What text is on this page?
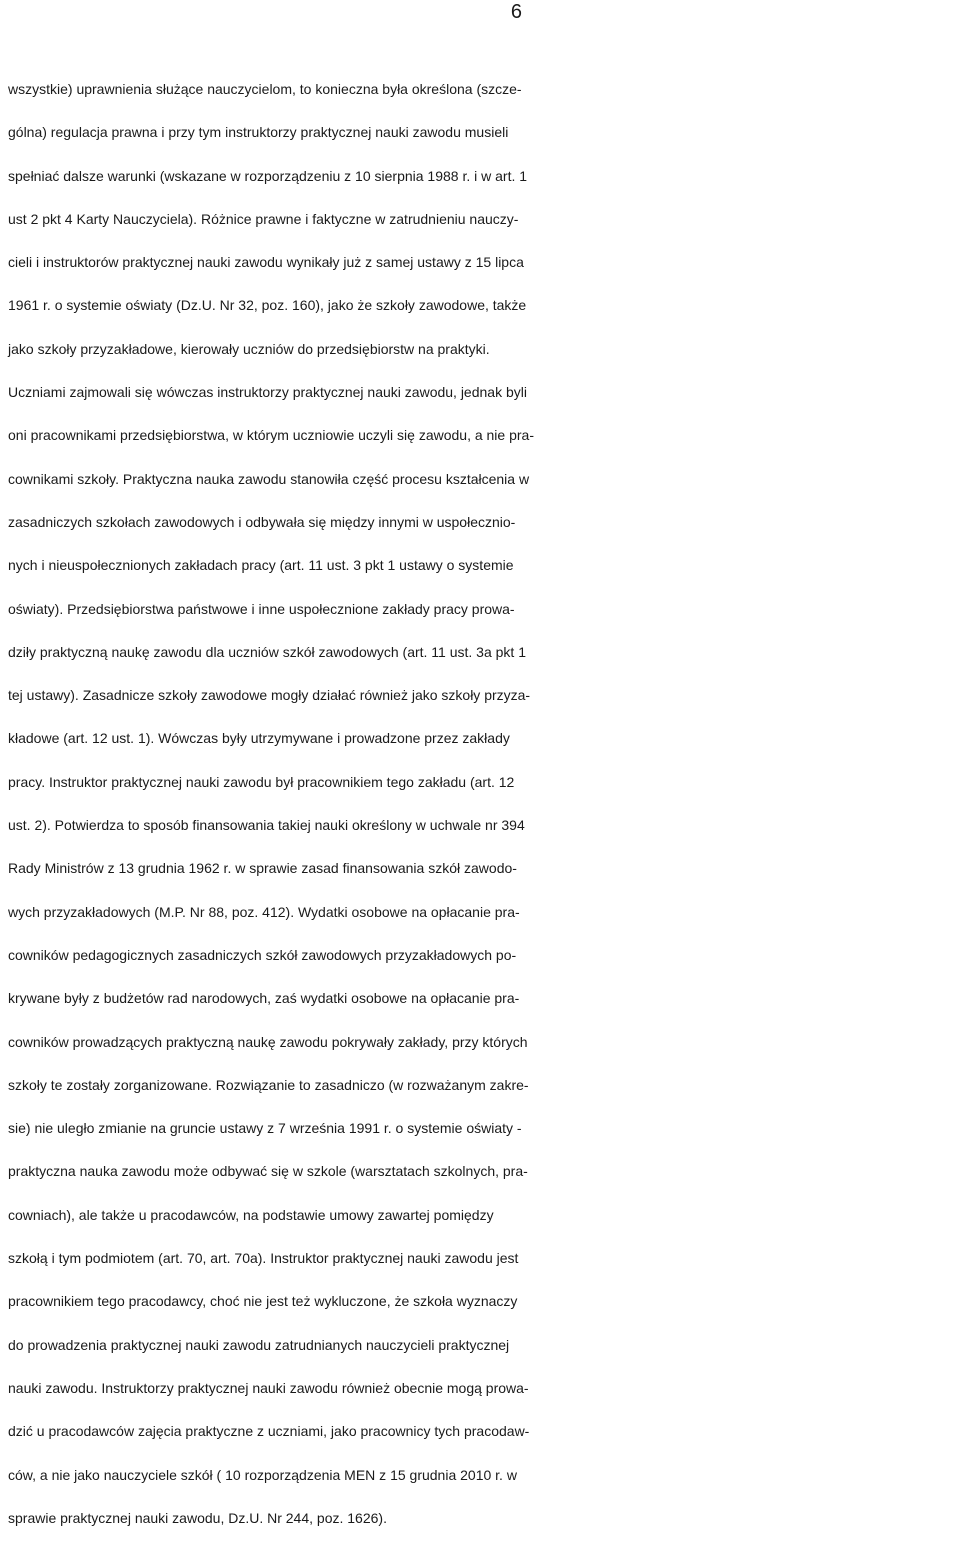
6

wszystkie) uprawnienia służące nauczycielom, to konieczna była określona (szcze-
gólna) regulacja prawna i przy tym instruktorzy praktycznej nauki zawodu musieli
spełniać dalsze warunki (wskazane w rozporządzeniu z 10 sierpnia 1988 r. i w art. 1
ust 2 pkt 4 Karty Nauczyciela). Różnice prawne i faktyczne w zatrudnieniu nauczy-
cieli i instruktorów praktycznej nauki zawodu wynikały już z samej ustawy z 15 lipca
1961 r. o systemie oświaty (Dz.U. Nr 32, poz. 160), jako że szkoły zawodowe, także
jako szkoły przyzakładowe, kierowały uczniów do przedsiębiorstw na praktyki.
Uczniami zajmowali się wówczas instruktorzy praktycznej nauki zawodu, jednak byli
oni pracownikami przedsiębiorstwa, w którym uczniowie uczyli się zawodu, a nie pra-
cownikami szkoły. Praktyczna nauka zawodu stanowiła część procesu kształcenia w
zasadniczych szkołach zawodowych i odbywała się między innymi w uspołecznio-
nych i nieuspołecznionych zakładach pracy (art. 11 ust. 3 pkt 1 ustawy o systemie
oświaty). Przedsiębiorstwa państwowe i inne uspołecznione zakłady pracy prowa-
dziły praktyczną naukę zawodu dla uczniów szkół zawodowych (art. 11 ust. 3a pkt 1
tej ustawy). Zasadnicze szkoły zawodowe mogły działać również jako szkoły przyza-
kładowe (art. 12 ust. 1). Wówczas były utrzymywane i prowadzone przez zakłady
pracy. Instruktor praktycznej nauki zawodu był pracownikiem tego zakładu (art. 12
ust. 2). Potwierdza to sposób finansowania takiej nauki określony w uchwale nr 394
Rady Ministrów z 13 grudnia 1962 r. w sprawie zasad finansowania szkół zawodo-
wych przyzakładowych (M.P. Nr 88, poz. 412). Wydatki osobowe na opłacanie pra-
cowników pedagogicznych zasadniczych szkół zawodowych przyzakładowych po-
krywane były z budżetów rad narodowych, zaś wydatki osobowe na opłacanie pra-
cowników prowadzących praktyczną naukę zawodu pokrywały zakłady, przy których
szkoły te zostały zorganizowane. Rozwiązanie to zasadniczo (w rozważanym zakre-
sie) nie uległo zmianie na gruncie ustawy z 7 września 1991 r. o systemie oświaty -
praktyczna nauka zawodu może odbywać się w szkole (warsztatach szkolnych, pra-
cowniach), ale także u pracodawców, na podstawie umowy zawartej pomiędzy
szkołą i tym podmiotem (art. 70, art. 70a). Instruktor praktycznej nauki zawodu jest
pracownikiem tego pracodawcy, choć nie jest też wykluczone, że szkoła wyznaczy
do prowadzenia praktycznej nauki zawodu zatrudnianych nauczycieli praktycznej
nauki zawodu. Instruktorzy praktycznej nauki zawodu również obecnie mogą prowa-
dzić u pracodawców zajęcia praktyczne z uczniami, jako pracownicy tych pracodaw-
ców, a nie jako nauczyciele szkół ( 10 rozporządzenia MEN z 15 grudnia 2010 r. w
sprawie praktycznej nauki zawodu, Dz.U. Nr 244, poz. 1626).
